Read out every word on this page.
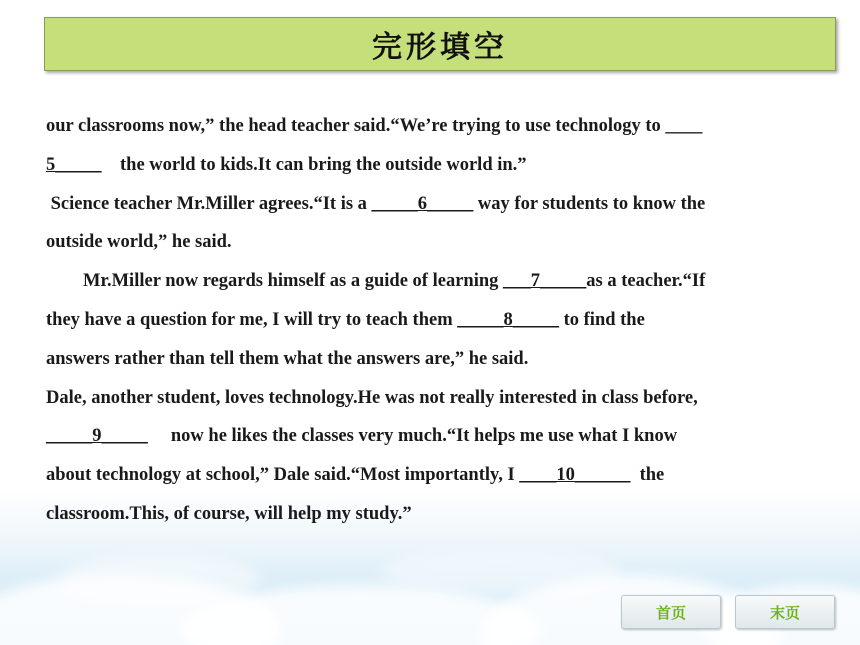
完形填空
our classrooms now,” the head teacher said.“We’re trying to use technology to ____
5_____    the world to kids.It can bring the outside world in.”
Science teacher Mr.Miller agrees.“It is a _____6_____ way for students to know the
outside world,” he said.
Mr.Miller now regards himself as a guide of learning ___7_____as a teacher.“If
they have a question for me, I will try to teach them _____8_____ to find the
answers rather than tell them what the answers are,” he said.
Dale, another student, loves technology.He was not really interested in class before,
_____9_____     now he likes the classes very much.“It helps me use what I know
about technology at school,” Dale said.“Most importantly, I ____10______  the
classroom.This, of course, will help my study.”
首页	末页
